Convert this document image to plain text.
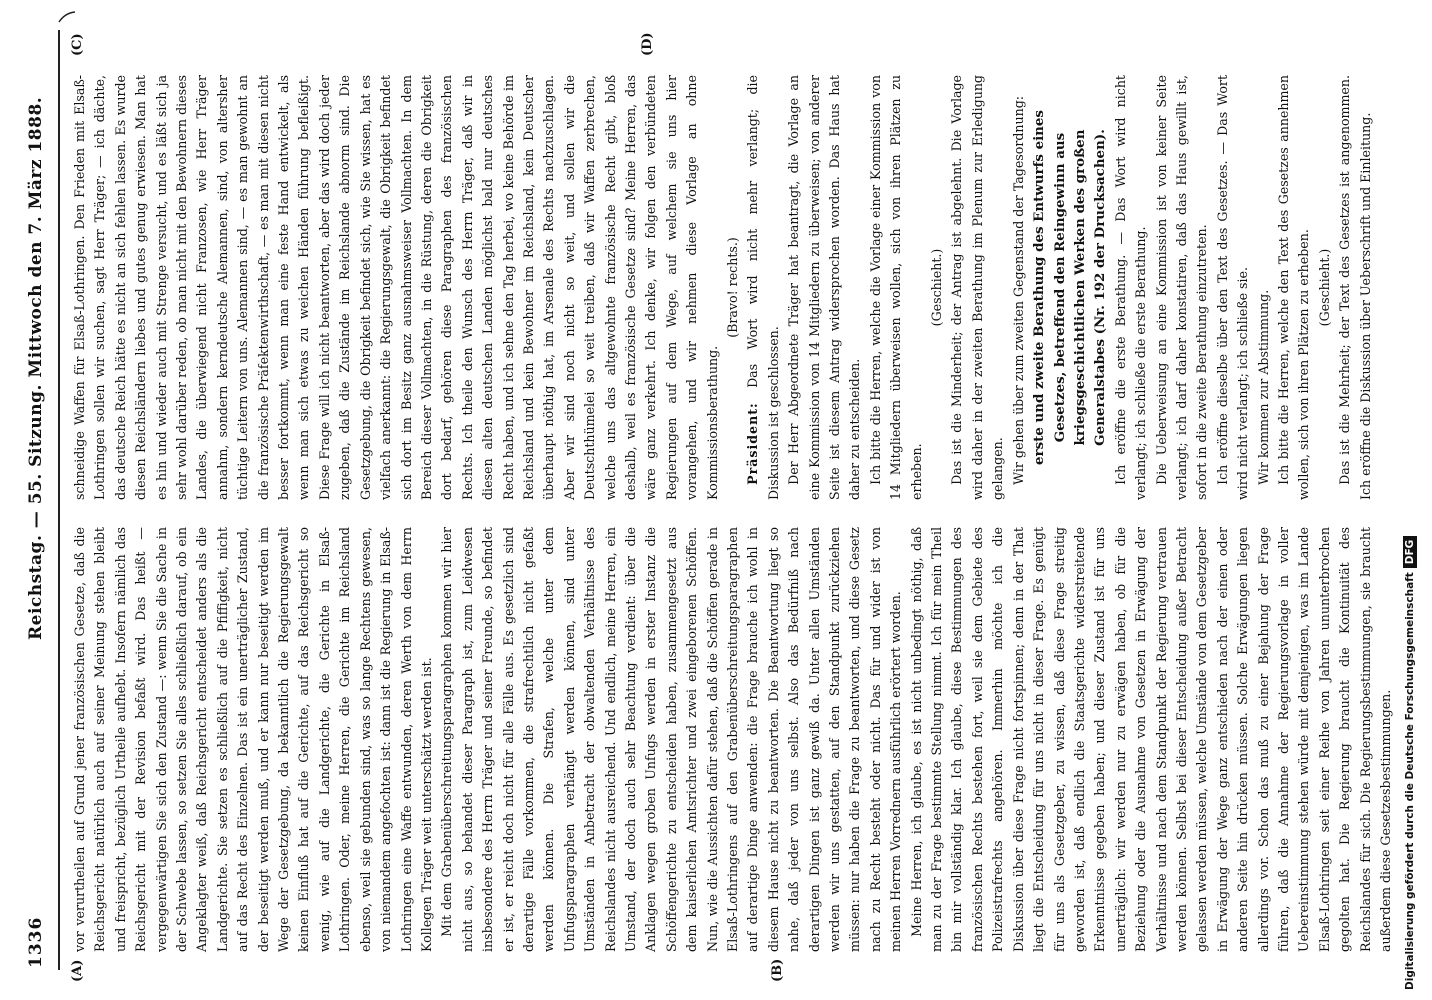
1336
Reichstag. — 55. Sitzung. Mittwoch den 7. März 1888.
(A)	(B)
(C)	(D)

vor verurtheilen auf Grund jener französischen Gesetze, daß die Reichsgericht natürlich auch auf seiner Meinung stehen bleibt und freispricht, bezüglich Urtheile aufhebt. Insofern nämlich das Reichsgericht mit der Revision befaßt wird. Das heißt — vergegenwärtigen Sie sich den Zustand —: wenn Sie die Sache in der Schwebe lassen, so setzen Sie alles schließlich darauf, ob ein Angeklagter weiß, daß Reichsgericht entscheidet anders als die Landgerichte. Sie setzen es schließlich auf die Pfiffigkeit, nicht auf das Recht des Einzelnen. Das ist ein unerträglicher Zustand, der beseitigt werden muß, und er kann nur beseitigt werden im Wege der Gesetzgebung, da bekanntlich die Regierungsgewalt keinen Einfluß hat auf die Gerichte, auf das Reichsgericht so wenig, wie auf die Landgerichte, die Gerichte in Elsaß-Lothringen. Oder, meine Herren, die Gerichte im Reichsland ebenso, weil sie gebunden sind, was so lange Rechtens gewesen, von niemandem angefochten ist: dann ist die Regierung in Elsaß-Lothringen eine Waffe entwunden, deren Werth von dem Herrn Kollegen Träger weit unterschätzt werden ist. Mit dem Grabenüberschreitungsparagraphen kommen wir hier nicht aus, so behandet dieser Paragraph ist, zum Leidwesen insbesondere des Herrn Träger und seiner Freunde, so befindet er ist, er reicht doch nicht für alle Fälle aus. Es gesetzlich sind derartige Fälle vorkommen, die strafrechtlich nicht gefaßt werden können. Die Strafen, welche unter dem Unfugsparagraphen verhängt werden können, sind unter Umständen in Anbetracht der obwaltenden Verhältnisse des Reichslandes nicht ausreichend. Und endlich, meine Herren, ein Umstand, der doch auch sehr Beachtung verdient: über die Anklagen wegen groben Unfugs werden in erster Instanz die Schöffengerichte zu entscheiden haben, zusammengesetzt aus dem kaiserlichen Amtsrichter und zwei eingeborenen Schöffen. Nun, wie die Aussichten dafür stehen, daß die Schöffen gerade in Elsaß-Lothringens auf den Grabenüberschreitungsparagraphen auf derartige Dinge anwenden: die Frage brauche ich wohl in diesem Hause nicht zu beantworten. Die Beantwortung liegt so nahe, daß jeder von uns selbst. Also das Bedürfniß nach derartigen Dingen ist ganz gewiß da. Unter allen Umständen werden wir uns gestatten, auf den Standpunkt zurückziehen müssen: nur haben die Frage zu beantworten, und diese Gesetz nach zu Recht besteht oder nicht. Das für und wider ist von meinen Herren Vorrednern ausführlich erörtert worden. Meine Herren, ich glaube, es ist nicht unbedingt nöthig, daß man zu der Frage bestimmte Stellung nimmt. Ich für mein Theil bin mir vollständig klar. Ich glaube, diese Bestimmungen des französischen Rechts bestehen fort, weil sie dem Gebiete des Polizeistrafrechts angehören. Immerhin möchte ich die Diskussion über diese Frage nicht fortspinnen; denn in der That liegt die Entscheidung für uns nicht in dieser Frage. Es genügt für uns als Gesetzgeber, zu wissen, daß diese Frage streitig geworden ist, daß endlich die Staatsgerichte widerstreitende Erkenntnisse gegeben haben; und dieser Zustand ist für uns unerträglich: wir werden nur zu erwägen haben, ob für die Beziehung oder die Ausnahme von Gesetzen in Erwägung der Verhältnisse und nach dem Standpunkt der Regierung vertrauen werden können. Selbst bei dieser Entscheidung außer Betracht gelassen werden müssen, welche Umstände von dem Gesetzgeber in Erwägung der Wege ganz entschieden nach der einen oder anderen Seite hin drücken müssen. Solche Erwägungen liegen allerdings vor. Schon das muß zu einer Bejahung der Frage führen, daß die Annahme der Regierungsvorlage in voller Uebereinstimmung stehen würde mit demjenigen, was im Lande Elsaß-Lothringen seit einer Reihe von Jahren ununterbrochen gegolten hat. Die Regierung braucht die Kontinuität des Reichslandes für sich. Die Regierungsbestimmungen, sie braucht außerdem diese Gesetzesbestimmungen.

schneidige Waffen für Elsaß-Lothringen. Den Frieden mit Elsaß-Lothringen sollen wir suchen, sagt Herr Träger; — ich dächte, das deutsche Reich hätte es nicht an sich fehlen lassen. Es wurde diesen Reichsländern liebes und gutes genug erwiesen. Man hat es hin und wieder auch mit Strenge versucht, und es läßt sich ja sehr wohl darüber reden, ob man nicht mit den Bewohnern dieses Landes, die überwiegend nicht Franzosen, wie Herr Träger annahm, sondern kerndeutsche Alemannen, sind, von altersher tüchtige Leitern von uns. Alemannen sind, — es man gewohnt an die französische Präfektenwirthschaft, — es man mit diesen nicht besser fortkommt, wenn man eine feste Hand entwickelt, als wenn man sich etwas zu weichen Händen führung befleißigt. Diese Frage will ich nicht beantworten, aber das wird doch jeder zugeben, daß die Zustände im Reichslande abnorm sind. Die Gesetzgebung, die Obrigkeit befindet sich, wie Sie wissen, hat es vielfach anerkannt: die Regierungsgewalt, die Obrigkeit befindet sich dort im Besitz ganz ausnahmsweiser Vollmachten. In dem Bereich dieser Vollmachten, in die Rüstung, deren die Obrigkeit dort bedarf, gehören diese Paragraphen des französischen Rechts. Ich theile den Wunsch des Herrn Träger, daß wir in diesen alten deutschen Landen möglichst bald nur deutsches Recht haben, und ich sehne den Tag herbei, wo keine Behörde im Reichsland und kein Bewohner im Reichsland, kein Deutscher überhaupt nöthig hat, im Arsenale des Rechts nachzuschlagen. Aber wir sind noch nicht so weit, und sollen wir die Deutschthümelei so weit treiben, daß wir Waffen zerbrechen, welche uns das altgewohnte französische Recht gibt, bloß deshalb, weil es französische Gesetze sind? Meine Herren, das wäre ganz verkehrt. Ich denke, wir folgen den verbündeten Regierungen auf dem Wege, auf welchem sie uns hier vorangehen, und wir nehmen diese Vorlage an ohne Kommissionsberathung.

(Bravo! rechts.)

Präsident: Das Wort wird nicht mehr verlangt; die Diskussion ist geschlossen. Der Herr Abgeordnete Träger hat beantragt, die Vorlage an eine Kommission von 14 Mitgliedern zu überweisen; von anderer Seite ist diesem Antrag widersprochen worden. Das Haus hat daher zu entscheiden. Ich bitte die Herren, welche die Vorlage einer Kommission von 14 Mitgliedern überweisen wollen, sich von ihren Plätzen zu erheben.

(Geschieht.) Das ist die Minderheit; der Antrag ist abgelehnt. Die Vorlage wird daher in der zweiten Berathung im Plenum zur Erledigung gelangen. Wir gehen über zum zweiten Gegenstand der Tagesordnung: erste und zweite Berathung des Entwurfs eines Gesetzes, betreffend den Reingewinn aus kriegsgeschichtlichen Werken des großen Generalstabes (Nr. 192 der Drucksachen). Ich eröffne die erste Berathung. — Das Wort wird nicht verlangt; ich schließe die erste Berathung. Die Ueberweisung an eine Kommission ist von keiner Seite verlangt; ich darf daher konstatiren, daß das Haus gewillt ist, sofort in die zweite Berathung einzutreten. Ich eröffne dieselbe über den Text des Gesetzes. — Das Wort wird nicht verlangt; ich schließe sie. Wir kommen zur Abstimmung. Ich bitte die Herren, welche den Text des Gesetzes annehmen wollen, sich von ihren Plätzen zu erheben. (Geschieht.) Das ist die Mehrheit; der Text des Gesetzes ist angenommen. Ich eröffne die Diskussion über Ueberschrift und Einleitung.

Digitalisierung gefördert durch die Deutsche ForschungsgemeinschaftDFG
